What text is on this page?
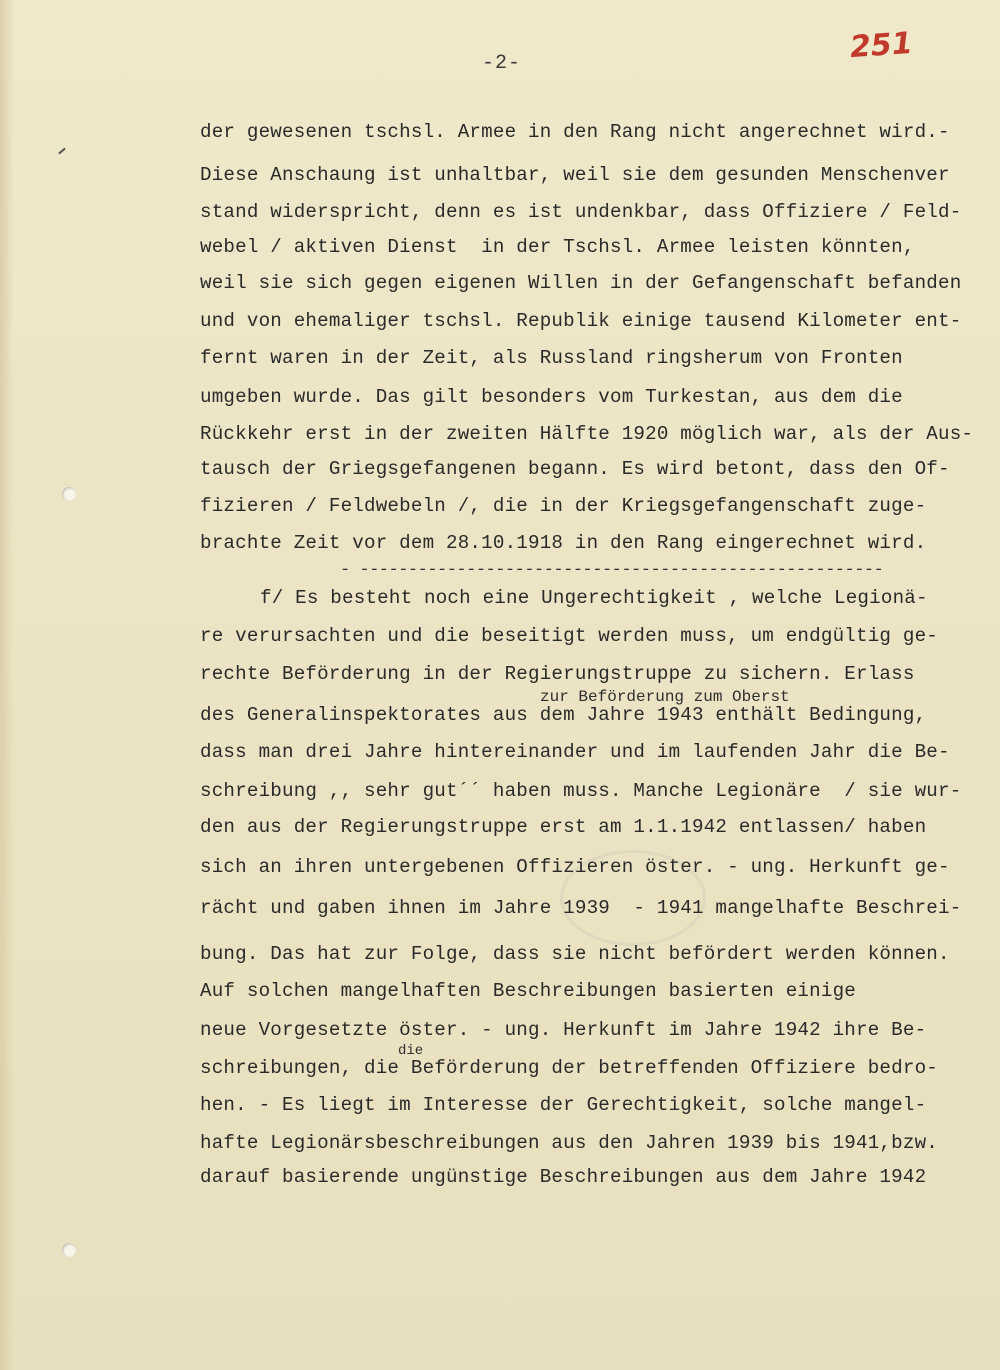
-2-	251
der gewesenen tschsl. Armee in den Rang nicht angerechnet wird.-
Diese Anschaung ist unhaltbar, weil sie dem gesunden Menschenver
stand widerspricht, denn es ist undenkbar, dass Offiziere / Feld-
webel / aktiven Dienst  in der Tschsl. Armee leisten könnten,
weil sie sich gegen eigenen Willen in der Gefangenschaft befanden
und von ehemaliger tschsl. Republik einige tausend Kilometer ent-
fernt waren in der Zeit, als Russland ringsherum von Fronten
umgeben wurde. Das gilt besonders vom Turkestan, aus dem die
Rückkehr erst in der zweiten Hälfte 1920 möglich war, als der Aus-
tausch der Griegsgefangenen begann. Es wird betont, dass den Of-
fizieren / Feldwebeln /, die in der Kriegsgefangenschaft zuge-
brachte Zeit vor dem 28.10.1918 in den Rang eingerechnet wird.
- ------------------------------------------------------
f/ Es besteht noch eine Ungerechtigkeit , welche Legionä-
re verursachten und die beseitigt werden muss, um endgültig ge-
rechte Beförderung in der Regierungstruppe zu sichern. Erlass
zur Beförderung zum Oberst
des Generalinspektorates aus dem Jahre 1943 enthält Bedingung,
dass man drei Jahre hintereinander und im laufenden Jahr die Be-
schreibung ,, sehr gut´´ haben muss. Manche Legionäre  / sie wur-
den aus der Regierungstruppe erst am 1.1.1942 entlassen/ haben
sich an ihren untergebenen Offizieren öster. - ung. Herkunft ge-
rächt und gaben ihnen im Jahre 1939  - 1941 mangelhafte Beschrei-
bung. Das hat zur Folge, dass sie nicht befördert werden können.
Auf solchen mangelhaften Beschreibungen basierten einige
neue Vorgesetzte öster. - ung. Herkunft im Jahre 1942 ihre Be-
die
schreibungen, die Beförderung der betreffenden Offiziere bedro-
hen. - Es liegt im Interesse der Gerechtigkeit, solche mangel-
hafte Legionärsbeschreibungen aus den Jahren 1939 bis 1941,bzw.
darauf basierende ungünstige Beschreibungen aus dem Jahre 1942
